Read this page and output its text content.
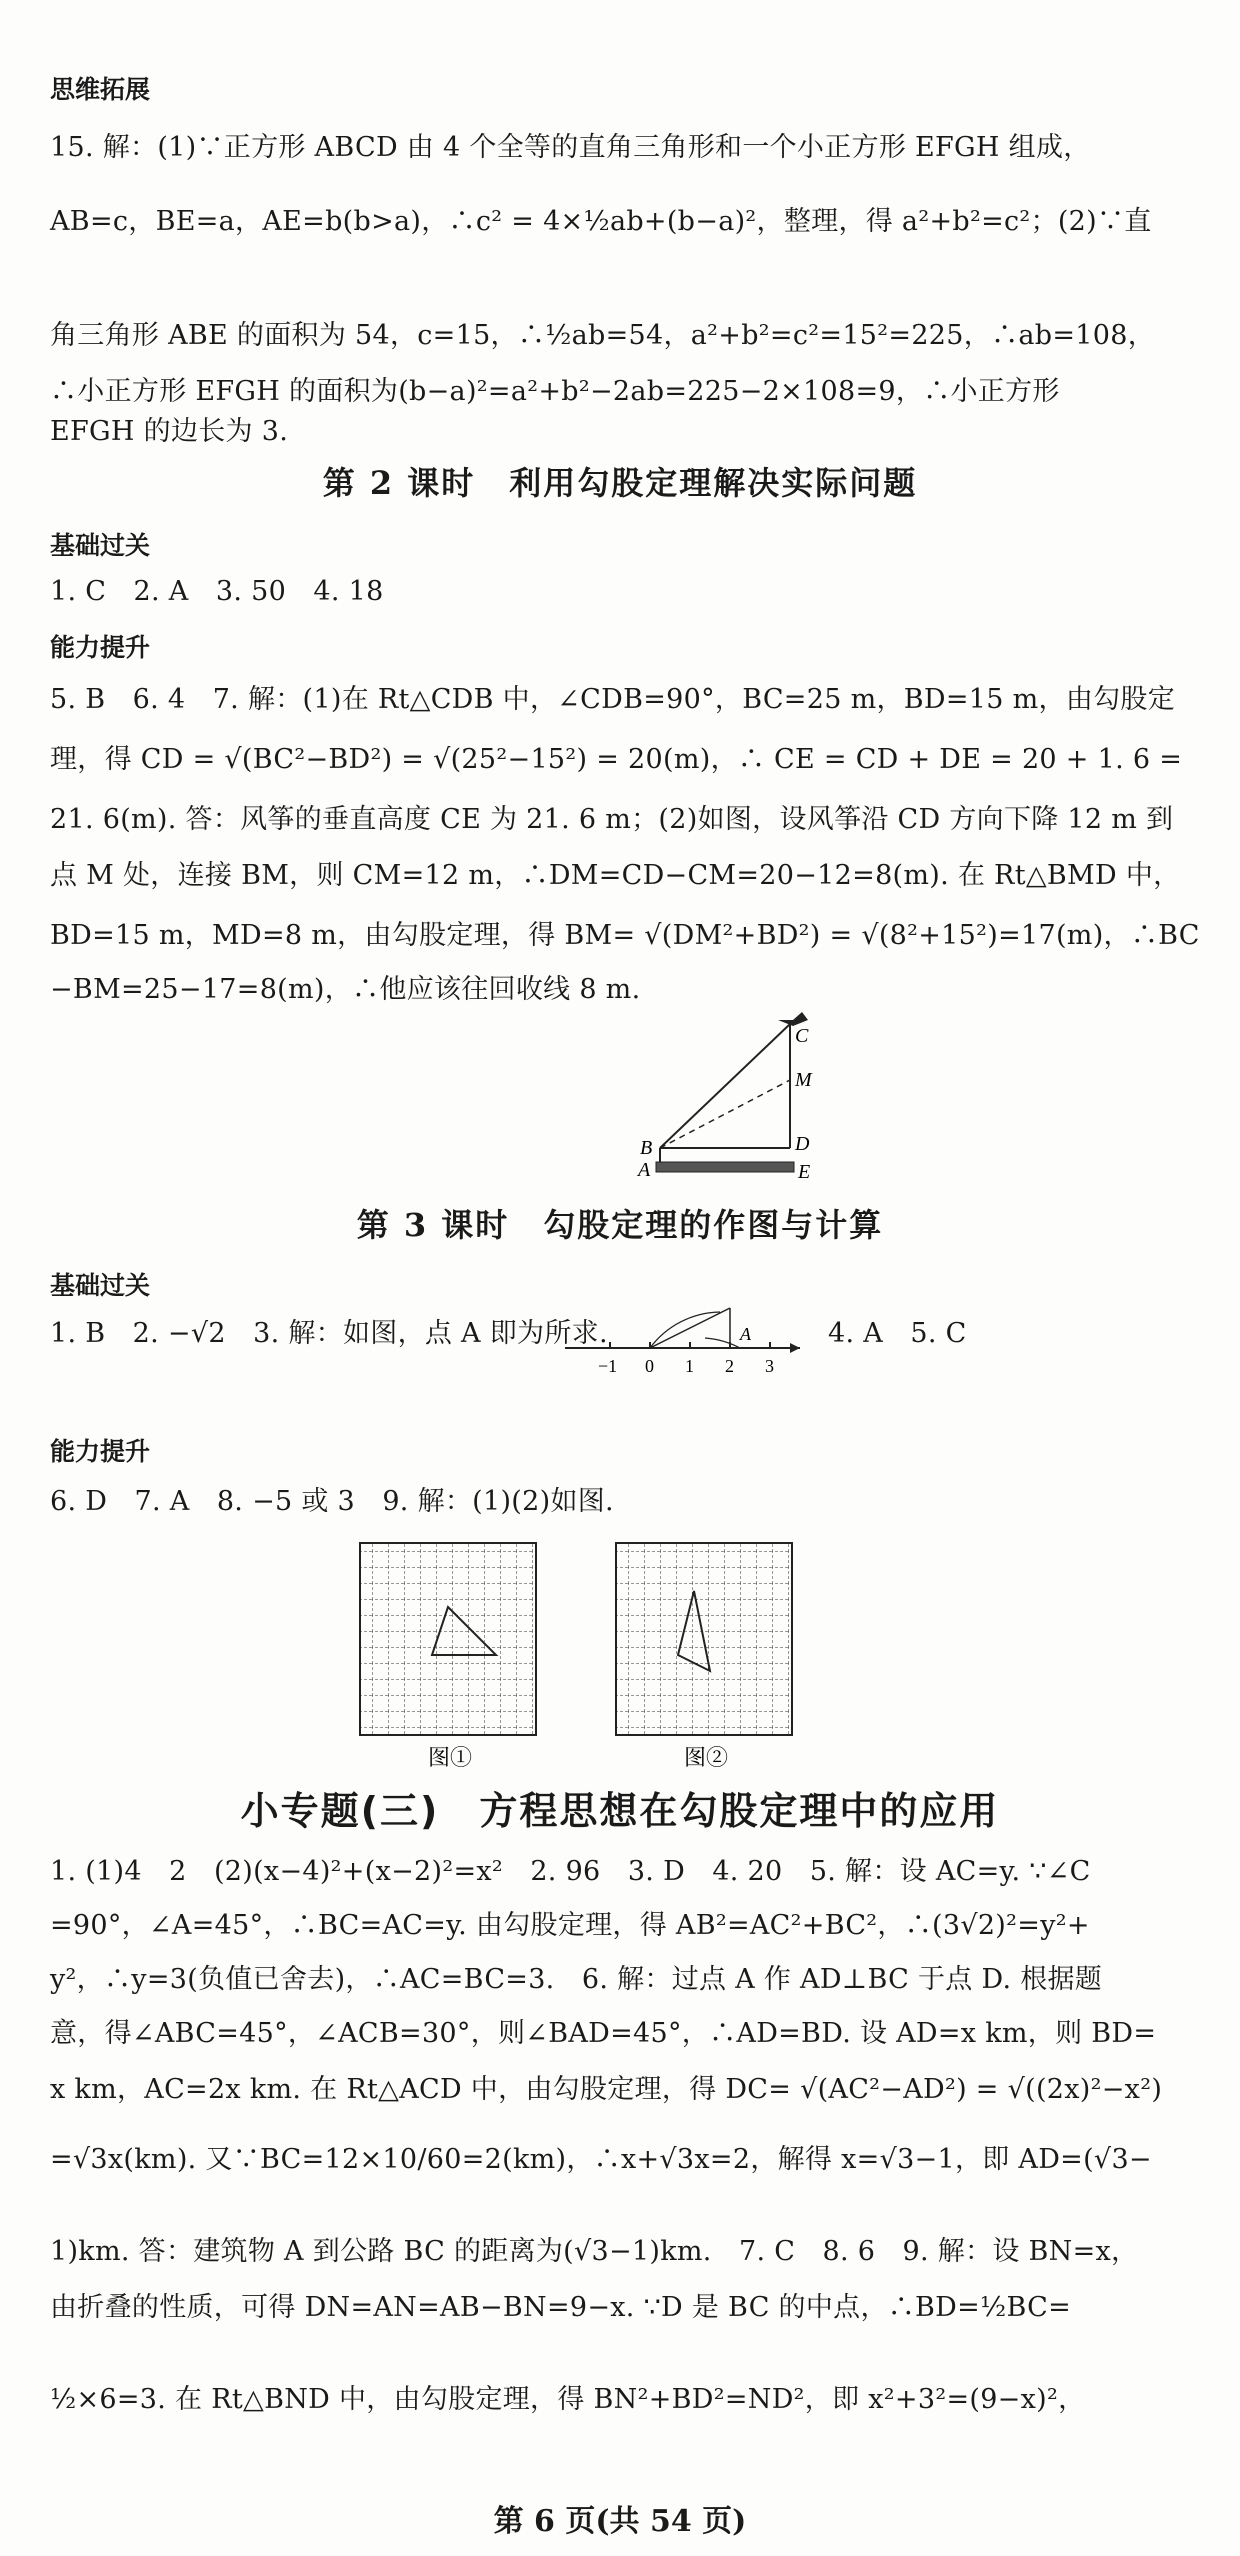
思维拓展
15. 解：(1)∵正方形 ABCD 由 4 个全等的直角三角形和一个小正方形 EFGH 组成，
AB=c，BE=a，AE=b(b>a)，∴c² = 4×½ab+(b−a)²，整理，得 a²+b²=c²；(2)∵直
角三角形 ABE 的面积为 54，c=15，∴½ab=54，a²+b²=c²=15²=225，∴ab=108，
∴小正方形 EFGH 的面积为(b−a)²=a²+b²−2ab=225−2×108=9，∴小正方形
EFGH 的边长为 3.
第 2 课时　利用勾股定理解决实际问题
基础过关
1. C　2. A　3. 50　4. 18
能力提升
5. B　6. 4　7. 解：(1)在 Rt△CDB 中，∠CDB=90°，BC=25 m，BD=15 m，由勾股定
理，得 CD = √(BC²−BD²) = √(25²−15²) = 20(m)，∴ CE = CD + DE = 20 + 1. 6 =
21. 6(m). 答：风筝的垂直高度 CE 为 21. 6 m；(2)如图，设风筝沿 CD 方向下降 12 m 到
点 M 处，连接 BM，则 CM=12 m，∴DM=CD−CM=20−12=8(m). 在 Rt△BMD 中，
BD=15 m，MD=8 m，由勾股定理，得 BM= √(DM²+BD²) = √(8²+15²)=17(m)，∴BC
−BM=25−17=8(m)，∴他应该往回收线 8 m.
C
M
B	D
A	E
第 3 课时　勾股定理的作图与计算
基础过关
1. B　2. −√2　3. 解：如图，点 A 即为所求.	4. A　5. C
A
−1 0 1 2 3
能力提升
6. D　7. A　8. −5 或 3　9. 解：(1)(2)如图.
图①	图②
小专题(三)　方程思想在勾股定理中的应用
1. (1)4　2　(2)(x−4)²+(x−2)²=x²　2. 96　3. D　4. 20　5. 解：设 AC=y. ∵∠C
=90°，∠A=45°，∴BC=AC=y. 由勾股定理，得 AB²=AC²+BC²，∴(3√2)²=y²+
y²，∴y=3(负值已舍去)，∴AC=BC=3.　6. 解：过点 A 作 AD⊥BC 于点 D. 根据题
意，得∠ABC=45°，∠ACB=30°，则∠BAD=45°，∴AD=BD. 设 AD=x km，则 BD=
x km，AC=2x km. 在 Rt△ACD 中，由勾股定理，得 DC= √(AC²−AD²) = √((2x)²−x²)
=√3x(km). 又∵BC=12×10/60=2(km)，∴x+√3x=2，解得 x=√3−1，即 AD=(√3−
1)km. 答：建筑物 A 到公路 BC 的距离为(√3−1)km.　7. C　8. 6　9. 解：设 BN=x，
由折叠的性质，可得 DN=AN=AB−BN=9−x. ∵D 是 BC 的中点，∴BD=½BC=
½×6=3. 在 Rt△BND 中，由勾股定理，得 BN²+BD²=ND²，即 x²+3²=(9−x)²，
第 6 页(共 54 页)
